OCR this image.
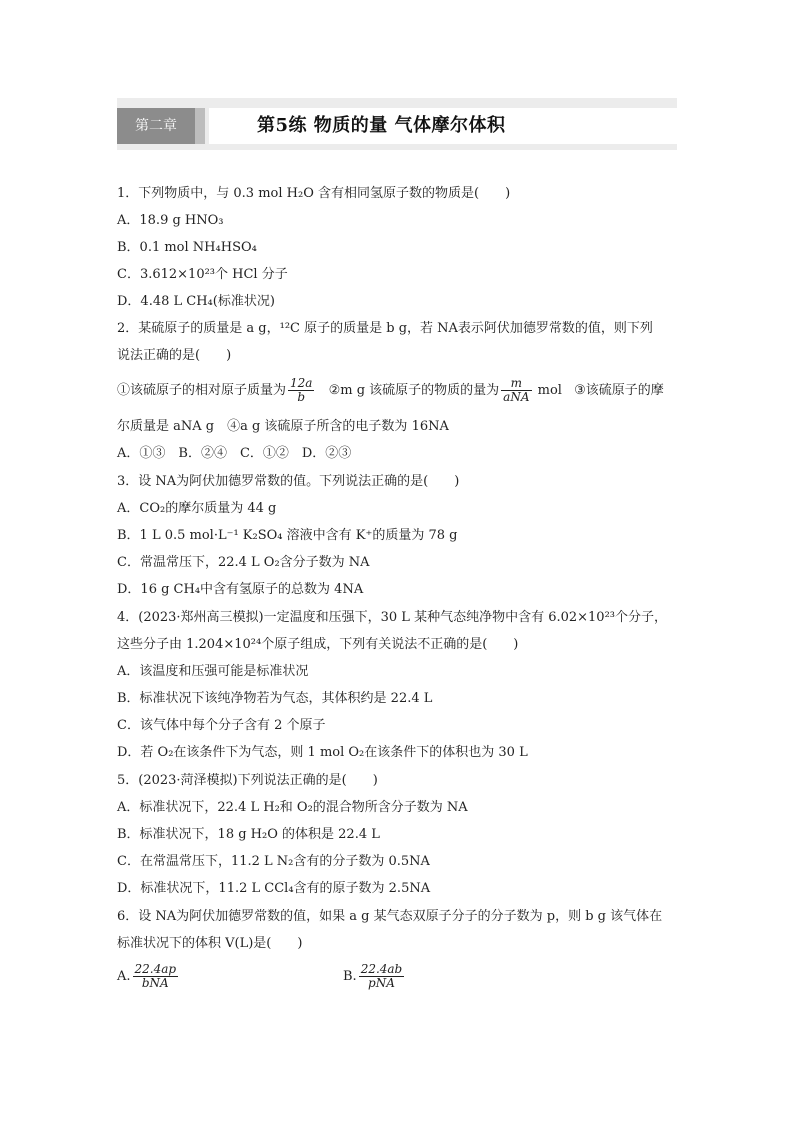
第二章	第5练 物质的量 气体摩尔体积
1．下列物质中，与 0.3 mol H₂O 含有相同氢原子数的物质是(　　)
A．18.9 g HNO₃
B．0.1 mol NH₄HSO₄
C．3.612×10²³个 HCl 分子
D．4.48 L CH₄(标准状况)
2．某硫原子的质量是 a g，¹²C 原子的质量是 b g，若 NA表示阿伏加德罗常数的值，则下列
说法正确的是(　　)
①该硫原子的相对原子质量为 $\frac{12a}{b}$ ②m g 该硫原子的物质的量为 $\frac{m}{\text{aNA}}$ mol ③该硫原子的摩
尔质量是 aNA g　④a g 该硫原子所含的电子数为 16NA
A．①③　B．②④　C．①②　D．②③
3．设 NA为阿伏加德罗常数的值。下列说法正确的是(　　)
A．CO₂的摩尔质量为 44 g
B．1 L 0.5 mol·L⁻¹ K₂SO₄ 溶液中含有 K⁺的质量为 78 g
C．常温常压下，22.4 L O₂含分子数为 NA
D．16 g CH₄中含有氢原子的总数为 4NA
4．(2023·郑州高三模拟)一定温度和压强下，30 L 某种气态纯净物中含有 6.02×10²³个分子，
这些分子由 1.204×10²⁴个原子组成，下列有关说法不正确的是(　　)
A．该温度和压强可能是标准状况
B．标准状况下该纯净物若为气态，其体积约是 22.4 L
C．该气体中每个分子含有 2 个原子
D．若 O₂在该条件下为气态，则 1 mol O₂在该条件下的体积也为 30 L
5．(2023·菏泽模拟)下列说法正确的是(　　)
A．标准状况下，22.4 L H₂和 O₂的混合物所含分子数为 NA
B．标准状况下，18 g H₂O 的体积是 22.4 L
C．在常温常压下，11.2 L N₂含有的分子数为 0.5NA
D．标准状况下，11.2 L CCl₄含有的原子数为 2.5NA
6．设 NA为阿伏加德罗常数的值，如果 a g 某气态双原子分子的分子数为 p，则 b g 该气体在
标准状况下的体积 V(L)是(　　)
A. $\frac{22.4ap}{\text{bNA}}$	B. $\frac{22.4ab}{\text{pNA}}$
